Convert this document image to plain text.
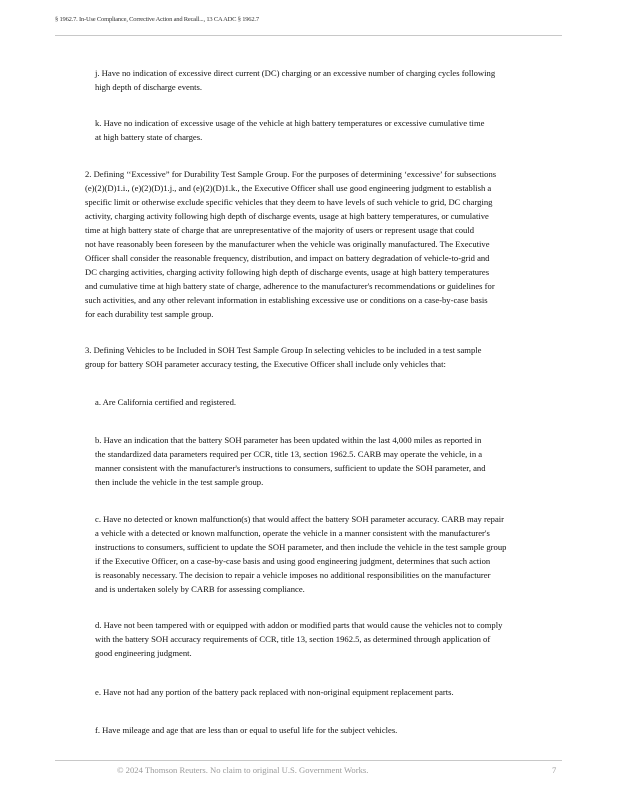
§ 1962.7. In-Use Compliance, Corrective Action and Recall..., 13 CA ADC § 1962.7

j. Have no indication of excessive direct current (DC) charging or an excessive number of charging cycles following
high depth of discharge events.

k. Have no indication of excessive usage of the vehicle at high battery temperatures or excessive cumulative time
at high battery state of charges.

2. Defining ‘‘Excessive” for Durability Test Sample Group. For the purposes of determining ‘excessive’ for subsections
(e)(2)(D)1.i., (e)(2)(D)1.j., and (e)(2)(D)1.k., the Executive Officer shall use good engineering judgment to establish a
specific limit or otherwise exclude specific vehicles that they deem to have levels of such vehicle to grid, DC charging
activity, charging activity following high depth of discharge events, usage at high battery temperatures, or cumulative
time at high battery state of charge that are unrepresentative of the majority of users or represent usage that could
not have reasonably been foreseen by the manufacturer when the vehicle was originally manufactured. The Executive
Officer shall consider the reasonable frequency, distribution, and impact on battery degradation of vehicle-to-grid and
DC charging activities, charging activity following high depth of discharge events, usage at high battery temperatures
and cumulative time at high battery state of charge, adherence to the manufacturer's recommendations or guidelines for
such activities, and any other relevant information in establishing excessive use or conditions on a case-by-case basis
for each durability test sample group.

3. Defining Vehicles to be Included in SOH Test Sample Group In selecting vehicles to be included in a test sample
group for battery SOH parameter accuracy testing, the Executive Officer shall include only vehicles that:

a. Are California certified and registered.

b. Have an indication that the battery SOH parameter has been updated within the last 4,000 miles as reported in
the standardized data parameters required per CCR, title 13, section 1962.5. CARB may operate the vehicle, in a
manner consistent with the manufacturer's instructions to consumers, sufficient to update the SOH parameter, and
then include the vehicle in the test sample group.

c. Have no detected or known malfunction(s) that would affect the battery SOH parameter accuracy. CARB may repair
a vehicle with a detected or known malfunction, operate the vehicle in a manner consistent with the manufacturer's
instructions to consumers, sufficient to update the SOH parameter, and then include the vehicle in the test sample group
if the Executive Officer, on a case-by-case basis and using good engineering judgment, determines that such action
is reasonably necessary. The decision to repair a vehicle imposes no additional responsibilities on the manufacturer
and is undertaken solely by CARB for assessing compliance.

d. Have not been tampered with or equipped with addon or modified parts that would cause the vehicles not to comply
with the battery SOH accuracy requirements of CCR, title 13, section 1962.5, as determined through application of
good engineering judgment.

e. Have not had any portion of the battery pack replaced with non-original equipment replacement parts.

f. Have mileage and age that are less than or equal to useful life for the subject vehicles.

© 2024 Thomson Reuters. No claim to original U.S. Government Works.	7
